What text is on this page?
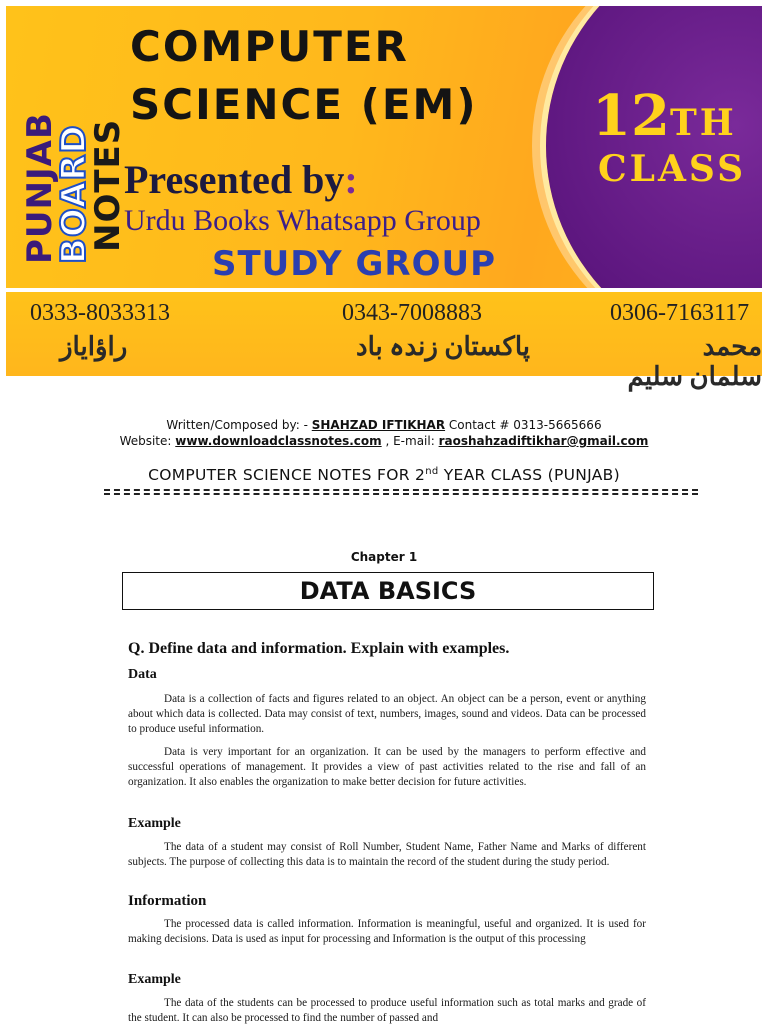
PUNJAB
BOARD
NOTES
COMPUTER
SCIENCE (EM)
Presented by:
Urdu Books Whatsapp Group
STUDY GROUP
12TH
CLASS
0333-8033313
راؤایاز
0343-7008883
پاکستان زندہ باد
0306-7163117
محمد سلمان سلیم
Written/Composed by: - SHAHZAD IFTIKHAR Contact # 0313-5665666
Website: www.downloadclassnotes.com , E-mail: raoshahzadiftikhar@gmail.com
COMPUTER SCIENCE NOTES FOR 2nd YEAR CLASS (PUNJAB)
Chapter 1
DATA BASICS
Q. Define data and information. Explain with examples.
Data

Data is a collection of facts and figures related to an object. An object can be a person, event or anything about which data is collected. Data may consist of text, numbers, images, sound and videos. Data can be processed to produce useful information.

Data is very important for an organization. It can be used by the managers to perform effective and successful operations of management. It provides a view of past activities related to the rise and fall of an organization. It also enables the organization to make better decision for future activities.

Example

The data of a student may consist of Roll Number, Student Name, Father Name and Marks of different subjects. The purpose of collecting this data is to maintain the record of the student during the study period.

Information

The processed data is called information. Information is meaningful, useful and organized. It is used for making decisions. Data is used as input for processing and Information is the output of this processing

Example

The data of the students can be processed to produce useful information such as total marks and grade of the student. It can also be processed to find the number of passed and
